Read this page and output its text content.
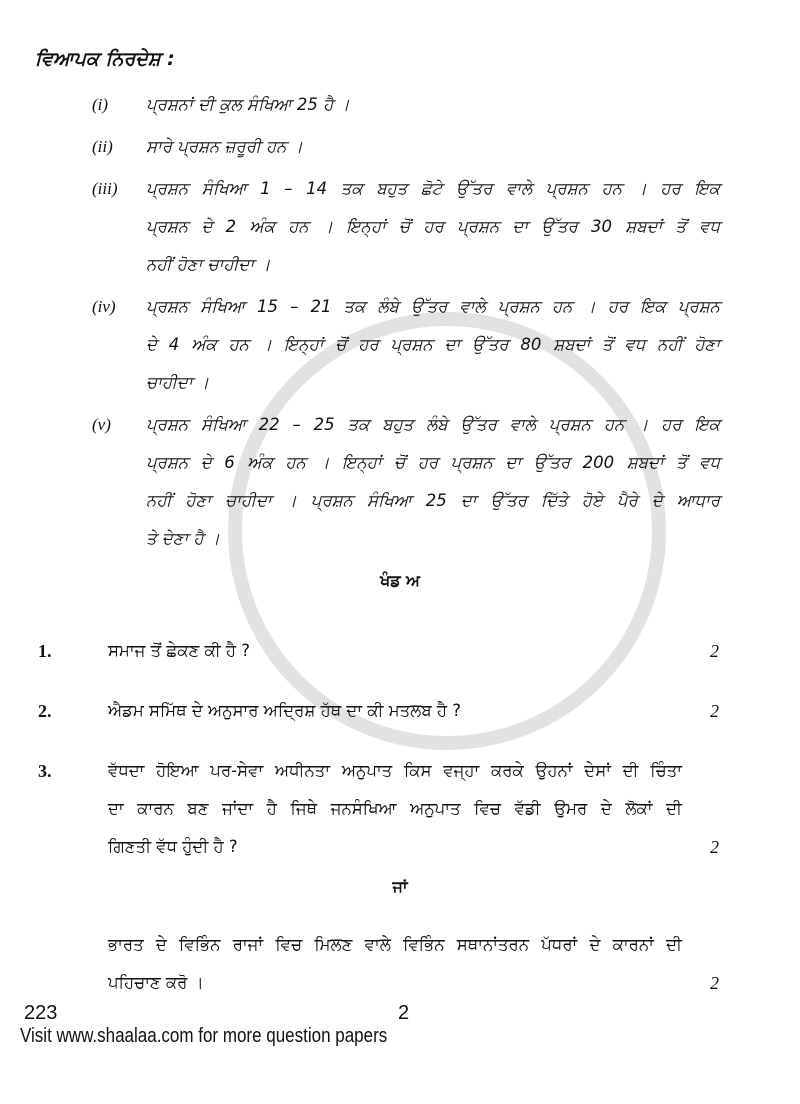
ਵਿਆਪਕ ਨਿਰਦੇਸ਼ :
(i)	ਪ੍ਰਸ਼ਨਾਂ ਦੀ ਕੁਲ ਸੰਖਿਆ 25 ਹੈ ।
(ii)	ਸਾਰੇ ਪ੍ਰਸ਼ਨ ਜ਼ਰੂਰੀ ਹਨ ।
(iii)	ਪ੍ਰਸ਼ਨ ਸੰਖਿਆ 1 – 14 ਤਕ ਬਹੁਤ ਛੋਟੇ ਉੱਤਰ ਵਾਲੇ ਪ੍ਰਸ਼ਨ ਹਨ । ਹਰ ਇਕ
ਪ੍ਰਸ਼ਨ ਦੇ 2 ਅੰਕ ਹਨ । ਇਨ੍ਹਾਂ ਚੋਂ ਹਰ ਪ੍ਰਸ਼ਨ ਦਾ ਉੱਤਰ 30 ਸ਼ਬਦਾਂ ਤੋਂ ਵਧ
ਨਹੀਂ ਹੋਣਾ ਚਾਹੀਦਾ ।
(iv)	ਪ੍ਰਸ਼ਨ ਸੰਖਿਆ 15 – 21 ਤਕ ਲੰਬੇ ਉੱਤਰ ਵਾਲੇ ਪ੍ਰਸ਼ਨ ਹਨ । ਹਰ ਇਕ ਪ੍ਰਸ਼ਨ
ਦੇ 4 ਅੰਕ ਹਨ । ਇਨ੍ਹਾਂ ਚੋਂ ਹਰ ਪ੍ਰਸ਼ਨ ਦਾ ਉੱਤਰ 80 ਸ਼ਬਦਾਂ ਤੋਂ ਵਧ ਨਹੀਂ ਹੋਣਾ
ਚਾਹੀਦਾ ।
(v)	ਪ੍ਰਸ਼ਨ ਸੰਖਿਆ 22 – 25 ਤਕ ਬਹੁਤ ਲੰਬੇ ਉੱਤਰ ਵਾਲੇ ਪ੍ਰਸ਼ਨ ਹਨ । ਹਰ ਇਕ
ਪ੍ਰਸ਼ਨ ਦੇ 6 ਅੰਕ ਹਨ । ਇਨ੍ਹਾਂ ਚੋਂ ਹਰ ਪ੍ਰਸ਼ਨ ਦਾ ਉੱਤਰ 200 ਸ਼ਬਦਾਂ ਤੋਂ ਵਧ
ਨਹੀਂ ਹੋਣਾ ਚਾਹੀਦਾ । ਪ੍ਰਸ਼ਨ ਸੰਖਿਆ 25 ਦਾ ਉੱਤਰ ਦਿੱਤੇ ਹੋਏ ਪੈਰੇ ਦੇ ਆਧਾਰ
ਤੇ ਦੇਣਾ ਹੈ ।
ਖੰਡ ਅ
1.	ਸਮਾਜ ਤੋਂ ਛੇਕਣ ਕੀ ਹੈ ?	2
2.	ਐਡਮ ਸਮਿੱਥ ਦੇ ਅਨੁਸਾਰ ਅਦ੍ਰਿਸ਼ ਹੱਥ ਦਾ ਕੀ ਮਤਲਬ ਹੈ ?	2
3.	ਵੱਧਦਾ ਹੋਇਆ ਪਰ-ਸੇਵਾ ਅਧੀਨਤਾ ਅਨੁਪਾਤ ਕਿਸ ਵਜ੍ਹਾ ਕਰਕੇ ਉਹਨਾਂ ਦੇਸਾਂ ਦੀ ਚਿੰਤਾ
ਦਾ ਕਾਰਨ ਬਣ ਜਾਂਦਾ ਹੈ ਜਿਥੇ ਜਨਸੰਖਿਆ ਅਨੁਪਾਤ ਵਿਚ ਵੱਡੀ ਉਮਰ ਦੇ ਲੋਕਾਂ ਦੀ
ਗਿਣਤੀ ਵੱਧ ਹੁੰਦੀ ਹੈ ?	2
ਜਾਂ
ਭਾਰਤ ਦੇ ਵਿਭਿੰਨ ਰਾਜਾਂ ਵਿਚ ਮਿਲਣ ਵਾਲੇ ਵਿਭਿੰਨ ਸਥਾਨਾਂਤਰਨ ਪੱਧਰਾਂ ਦੇ ਕਾਰਨਾਂ ਦੀ
ਪਹਿਚਾਣ ਕਰੋ ।	2
223	2
Visit www.shaalaa.com for more question papers
